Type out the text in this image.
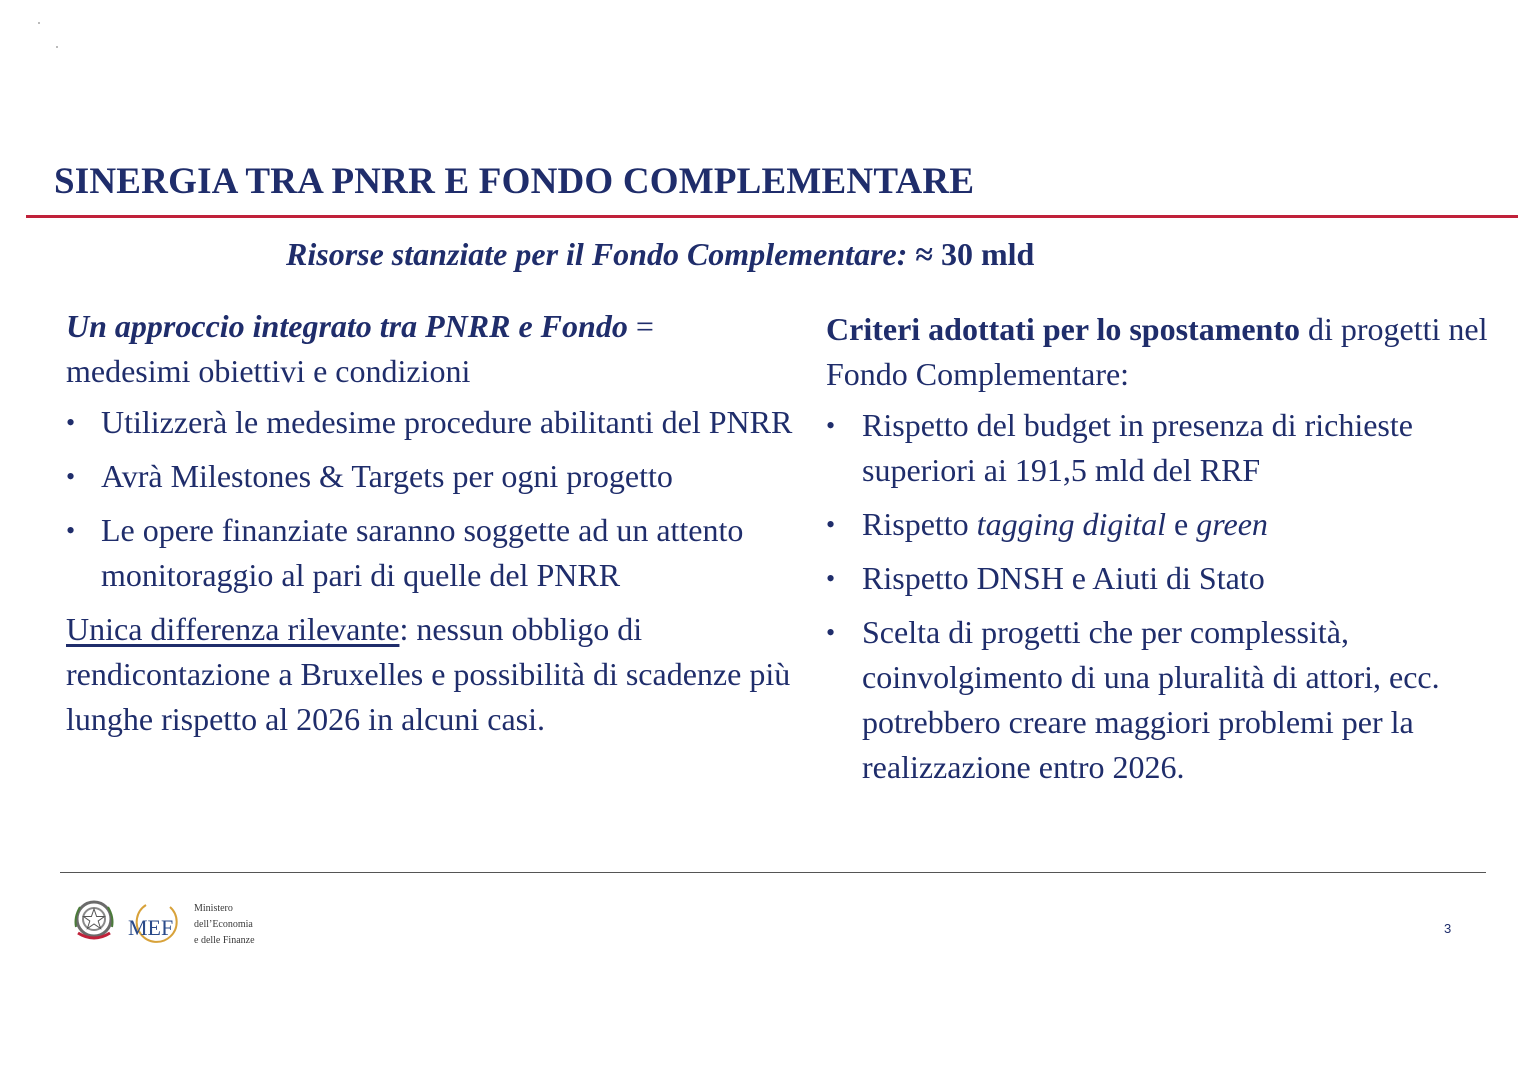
SINERGIA TRA PNRR E FONDO COMPLEMENTARE
Risorse stanziate per il Fondo Complementare: ≈ 30 mld

Un approccio integrato tra PNRR e Fondo =
medesimi obiettivi e condizioni

• Utilizzerà le medesime procedure abilitanti del PNRR
• Avrà Milestones & Targets per ogni progetto
• Le opere finanziate saranno soggette ad un attento monitoraggio al pari di quelle del PNRR

Unica differenza rilevante: nessun obbligo di rendicontazione a Bruxelles e possibilità di scadenze più lunghe rispetto al 2026 in alcuni casi.

Criteri adottati per lo spostamento di progetti nel Fondo Complementare:

• Rispetto del budget in presenza di richieste superiori ai 191,5 mld del RRF
• Rispetto tagging digital e green
• Rispetto DNSH e Aiuti di Stato
• Scelta di progetti che per complessità, coinvolgimento di una pluralità di attori, ecc. potrebbero creare maggiori problemi per la realizzazione entro 2026.
MEF
Ministero
dell’Economia
e delle Finanze
3
